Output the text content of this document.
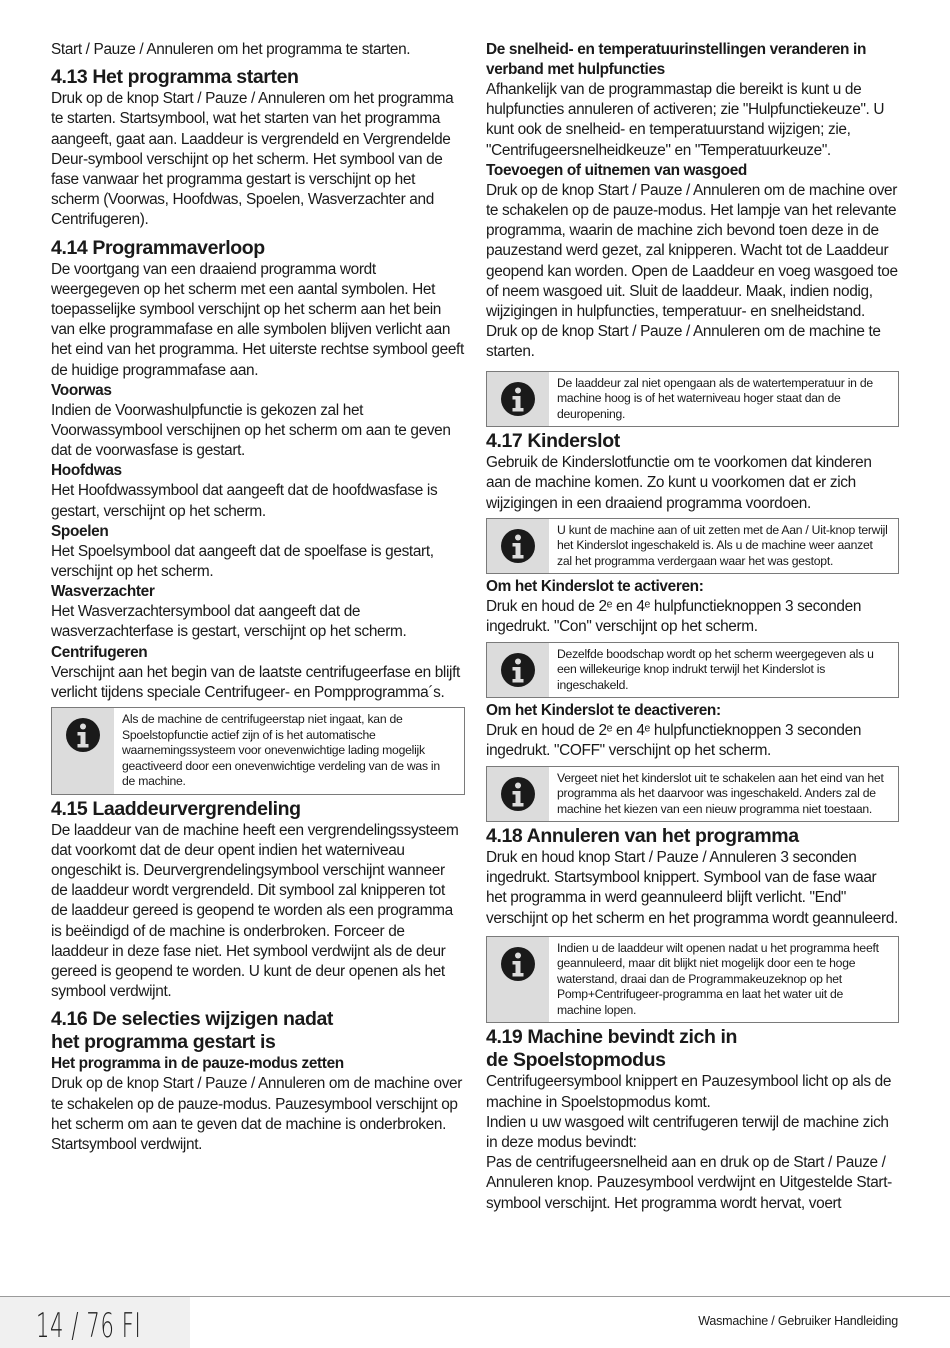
Start / Pauze / Annuleren om het programma te starten.

4.13 Het programma starten

Druk op de knop Start / Pauze / Annuleren om het programma te starten. Startsymbool, wat het starten van het programma aangeeft, gaat aan. Laaddeur is vergrendeld en Vergrendelde Deur-symbool verschijnt op het scherm. Het symbool van de fase vanwaar het programma gestart is verschijnt op het scherm (Voorwas, Hoofdwas, Spoelen, Wasverzachter and Centrifugeren).

4.14 Programmaverloop

De voortgang van een draaiend programma wordt weergegeven op het scherm met een aantal symbolen. Het toepasselijke symbool verschijnt op het scherm aan het bein van elke programmafase en alle symbolen blijven verlicht aan het eind van het programma. Het uiterste rechtse symbool geeft de huidige programmafase aan.

Voorwas

Indien de Voorwashulpfunctie is gekozen zal het Voorwassymbool verschijnen op het scherm om aan te geven dat de voorwasfase is gestart.

Hoofdwas

Het Hoofdwassymbool dat aangeeft dat de hoofdwasfase is gestart, verschijnt op het scherm.

Spoelen

Het Spoelsymbool dat aangeeft dat de spoelfase is gestart, verschijnt op het scherm.

Wasverzachter

Het Wasverzachtersymbool dat aangeeft dat de wasverzachterfase is gestart, verschijnt op het scherm.

Centrifugeren

Verschijnt aan het begin van de laatste centrifugeerfase en blijft verlicht tijdens speciale Centrifugeer- en Pompprogramma´s.

Als de machine de centrifugeerstap niet ingaat, kan de Spoelstopfunctie actief zijn of is het automatische waarnemingssysteem voor onevenwichtige lading mogelijk geactiveerd door een onevenwichtige verdeling van de was in de machine.
4.15 Laaddeurvergrendeling

De laaddeur van de machine heeft een vergrendelingssysteem dat voorkomt dat de deur opent indien het waterniveau ongeschikt is. Deurvergrendelingsymbool verschijnt wanneer de laaddeur wordt vergrendeld. Dit symbool zal knipperen tot de laaddeur gereed is geopend te worden als een programma is beëindigd of de machine is onderbroken. Forceer de laaddeur in deze fase niet. Het symbool verdwijnt als de deur gereed is geopend te worden. U kunt de deur openen als het symbool verdwijnt.

4.16 De selecties wijzigen nadat
het programma gestart is
Het programma in de pauze-modus zetten

Druk op de knop Start / Pauze / Annuleren om de machine over te schakelen op de pauze-modus. Pauzesymbool verschijnt op het scherm om aan te geven dat de machine is onderbroken. Startsymbool verdwijnt.

De snelheid- en temperatuurinstellingen veranderen in verband met hulpfuncties

Afhankelijk van de programmastap die bereikt is kunt u de hulpfuncties annuleren of activeren; zie "Hulpfunctiekeuze". U kunt ook de snelheid- en temperatuurstand wijzigen; zie, "Centrifugeersnelheidkeuze" en "Temperatuurkeuze".

Toevoegen of uitnemen van wasgoed

Druk op de knop Start / Pauze / Annuleren om de machine over te schakelen op de pauze-modus. Het lampje van het relevante programma, waarin de machine zich bevond toen deze in de pauzestand werd gezet, zal knipperen. Wacht tot de Laaddeur geopend kan worden. Open de Laaddeur en voeg wasgoed toe of neem wasgoed uit. Sluit de laaddeur. Maak, indien nodig, wijzigingen in hulpfuncties, temperatuur- en snelheidstand. Druk op de knop Start / Pauze / Annuleren om de machine te starten.

De laaddeur zal niet opengaan als de watertemperatuur in de machine hoog is of het waterniveau hoger staat dan de deuropening.
4.17 Kinderslot

Gebruik de Kinderslotfunctie om te voorkomen dat kinderen aan de machine komen. Zo kunt u voorkomen dat er zich wijzigingen in een draaiend programma voordoen.

U kunt de machine aan of uit zetten met de Aan / Uit-knop terwijl het Kinderslot ingeschakeld is. Als u de machine weer aanzet zal het programma verdergaan waar het was gestopt.
Om het Kinderslot te activeren:

Druk en houd de 2ᵉ en 4ᵉ hulpfunctieknoppen 3 seconden ingedrukt. "Con" verschijnt op het scherm.

Dezelfde boodschap wordt op het scherm weergegeven als u een willekeurige knop indrukt terwijl het Kinderslot is ingeschakeld.
Om het Kinderslot te deactiveren:

Druk en houd de 2ᵉ en 4ᵉ hulpfunctieknoppen 3 seconden ingedrukt. "COFF" verschijnt op het scherm.

Vergeet niet het kinderslot uit te schakelen aan het eind van het programma als het daarvoor was ingeschakeld. Anders zal de machine het kiezen van een nieuw programma niet toestaan.
4.18 Annuleren van het programma

Druk en houd knop Start / Pauze / Annuleren 3 seconden ingedrukt. Startsymbool knippert. Symbool van de fase waar het programma in werd geannuleerd blijft verlicht. "End" verschijnt op het scherm en het programma wordt geannuleerd.

Indien u de laaddeur wilt openen nadat u het programma heeft geannuleerd, maar dit blijkt niet mogelijk door een te hoge waterstand, draai dan de Programmakeuzeknop op het Pomp+Centrifugeer-programma en laat het water uit de machine lopen.
4.19 Machine bevindt zich in
de Spoelstopmodus

Centrifugeersymbool knippert en Pauzesymbool licht op als de machine in Spoelstopmodus komt.

Indien u uw wasgoed wilt centrifugeren terwijl de machine zich in deze modus bevindt:

Pas de centrifugeersnelheid aan en druk op de Start / Pauze / Annuleren knop. Pauzesymbool verdwijnt en Uitgestelde Start-symbool verschijnt. Het programma wordt hervat, voert

14 / 76 FI	Wasmachine / Gebruiker Handleiding
